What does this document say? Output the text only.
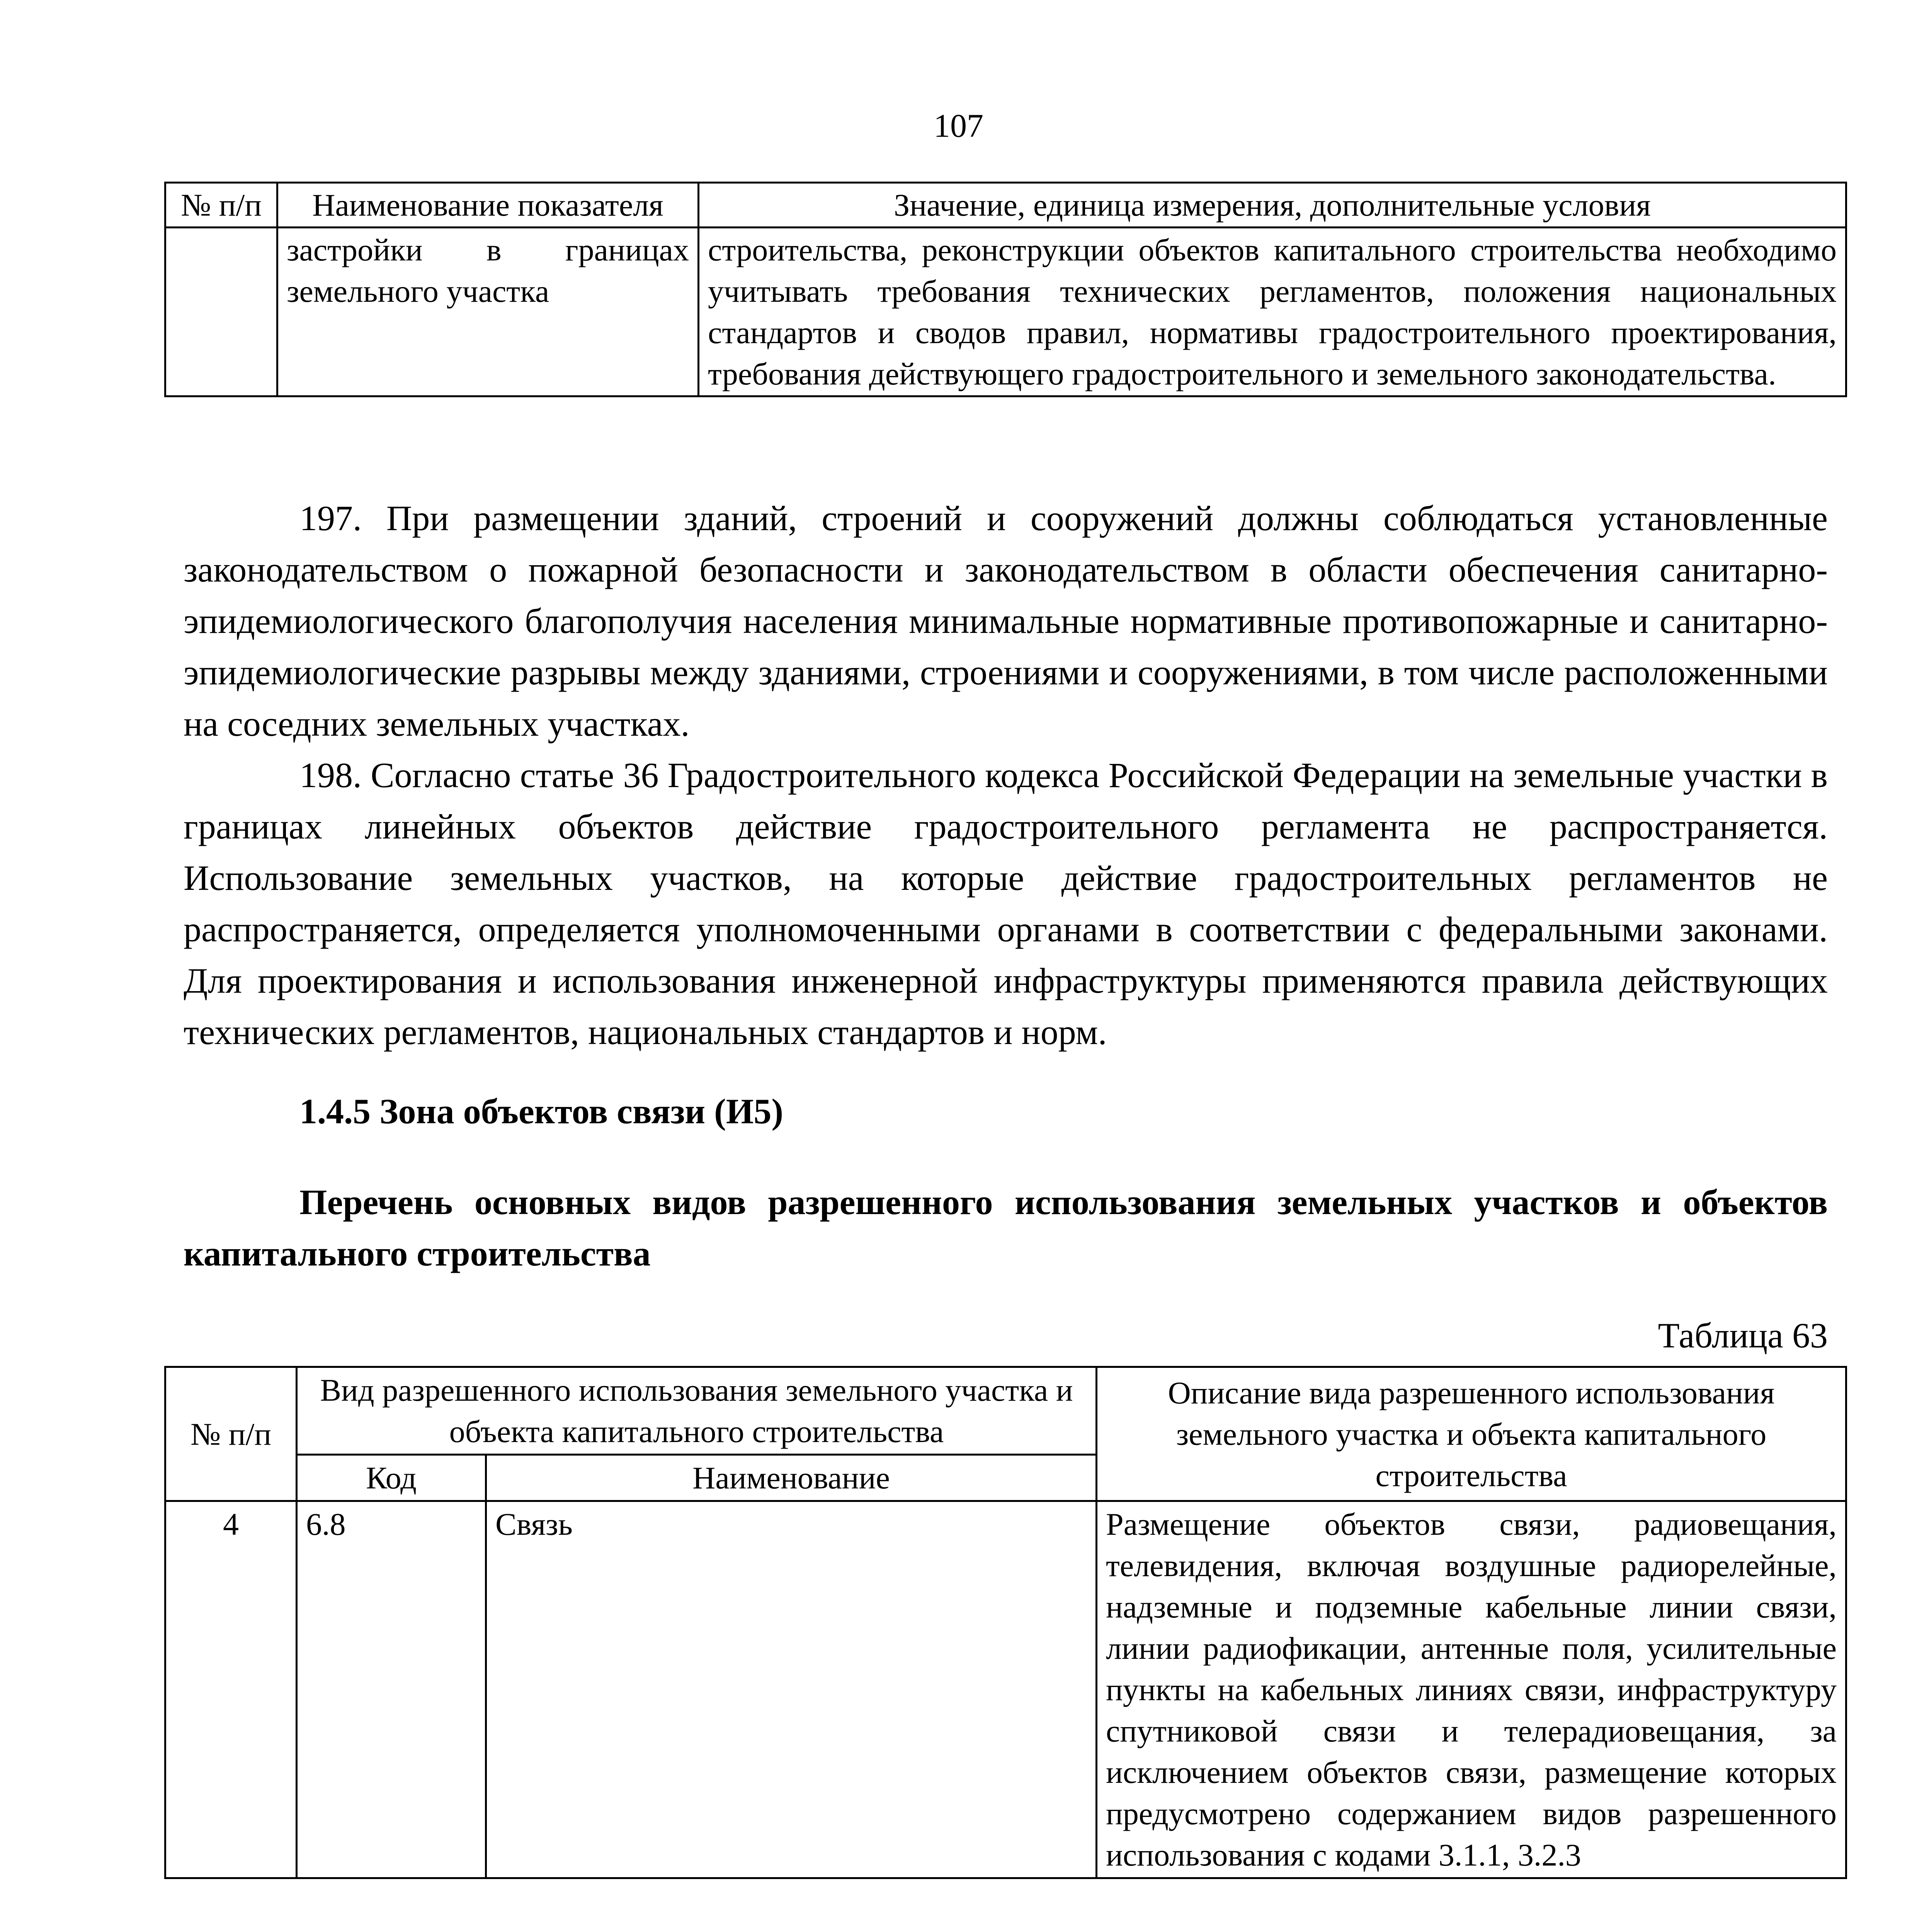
107
№ п/п	Наименование показателя	Значение, единица измерения, дополнительные условия
	застройки в границах земельного участка	строительства, реконструкции объектов капитального строительства необходимо учитывать требования технических регламентов, положения национальных стандартов и сводов правил, нормативы градостроительного проектирования, требования действующего градостроительного и земельного законодательства.

197. При размещении зданий, строений и сооружений должны соблюдаться установленные законодательством о пожарной безопасности и законодательством в области обеспечения санитарно-эпидемиологического благополучия населения минимальные нормативные противопожарные и санитарно-эпидемиологические разрывы между зданиями, строениями и сооружениями, в том числе расположенными на соседних земельных участках.

198. Согласно статье 36 Градостроительного кодекса Российской Федерации на земельные участки в границах линейных объектов действие градостроительного регламента не распространяется. Использование земельных участков, на которые действие градостроительных регламентов не распространяется, определяется уполномоченными органами в соответствии с федеральными законами. Для проектирования и использования инженерной инфраструктуры применяются правила действующих технических регламентов, национальных стандартов и норм.

1.4.5 Зона объектов связи (И5)

Перечень основных видов разрешенного использования земельных участков и объектов капитального строительства

Таблица 63
№ п/п	Вид разрешенного использования земельного участка и объекта капитального строительства		Описание вида разрешенного использования земельного участка и объекта капитального строительства
	Код	Наименование	
4	6.8	Связь	Размещение объектов связи, радиовещания, телевидения, включая воздушные радиорелейные, надземные и подземные кабельные линии связи, линии радиофикации, антенные поля, усилительные пункты на кабельных линиях связи, инфраструктуру спутниковой связи и телерадиовещания, за исключением объектов связи, размещение которых предусмотрено содержанием видов разрешенного использования с кодами 3.1.1, 3.2.3
